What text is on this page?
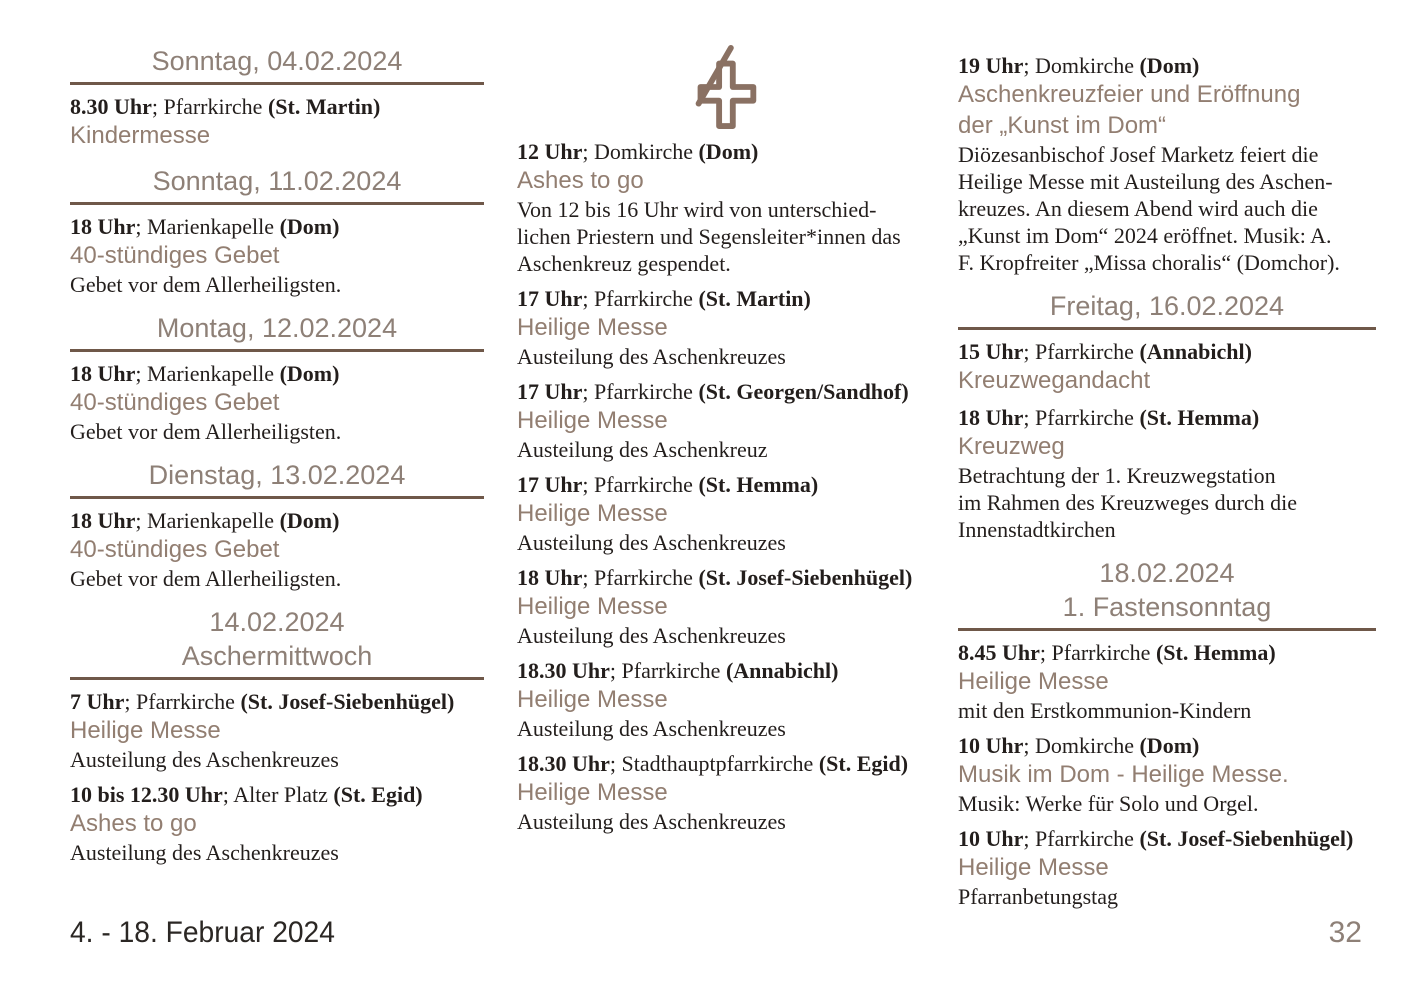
Sonntag, 04.02.2024
8.30 Uhr; Pfarrkirche (St. Martin)
Kindermesse
Sonntag, 11.02.2024
18 Uhr; Marienkapelle (Dom)
40-stündiges Gebet
Gebet vor dem Allerheiligsten.
Montag, 12.02.2024
18 Uhr; Marienkapelle (Dom)
40-stündiges Gebet
Gebet vor dem Allerheiligsten.
Dienstag, 13.02.2024
18 Uhr; Marienkapelle (Dom)
40-stündiges Gebet
Gebet vor dem Allerheiligsten.
14.02.2024
Aschermittwoch
7 Uhr; Pfarrkirche (St. Josef-Siebenhügel)
Heilige Messe
Austeilung des Aschenkreuzes
10 bis 12.30 Uhr; Alter Platz (St. Egid)
Ashes to go
Austeilung des Aschenkreuzes
12 Uhr; Domkirche (Dom)
Ashes to go
Von 12 bis 16 Uhr wird von unterschied-
lichen Priestern und Segensleiter*innen das
Aschenkreuz gespendet.
17 Uhr; Pfarrkirche (St. Martin)
Heilige Messe
Austeilung des Aschenkreuzes
17 Uhr; Pfarrkirche (St. Georgen/Sandhof)
Heilige Messe
Austeilung des Aschenkreuz
17 Uhr; Pfarrkirche (St. Hemma)
Heilige Messe
Austeilung des Aschenkreuzes
18 Uhr; Pfarrkirche (St. Josef-Siebenhügel)
Heilige Messe
Austeilung des Aschenkreuzes
18.30 Uhr; Pfarrkirche (Annabichl)
Heilige Messe
Austeilung des Aschenkreuzes
18.30 Uhr; Stadthauptpfarrkirche (St. Egid)
Heilige Messe
Austeilung des Aschenkreuzes
19 Uhr; Domkirche (Dom)
Aschenkreuzfeier und Eröffnung
der „Kunst im Dom“
Diözesanbischof Josef Marketz feiert die
Heilige Messe mit Austeilung des Aschen-
kreuzes. An diesem Abend wird auch die
„Kunst im Dom“ 2024 eröffnet. Musik: A.
F. Kropfreiter „Missa choralis“ (Domchor).
Freitag, 16.02.2024
15 Uhr; Pfarrkirche (Annabichl)
Kreuzwegandacht
18 Uhr; Pfarrkirche (St. Hemma)
Kreuzweg
Betrachtung der 1. Kreuzwegstation
im Rahmen des Kreuzweges durch die
Innenstadtkirchen
18.02.2024
1. Fastensonntag
8.45 Uhr; Pfarrkirche (St. Hemma)
Heilige Messe
mit den Erstkommunion-Kindern
10 Uhr; Domkirche (Dom)
Musik im Dom - Heilige Messe.
Musik: Werke für Solo und Orgel.
10 Uhr; Pfarrkirche (St. Josef-Siebenhügel)
Heilige Messe
Pfarranbetungstag
4. - 18. Februar 2024	32
